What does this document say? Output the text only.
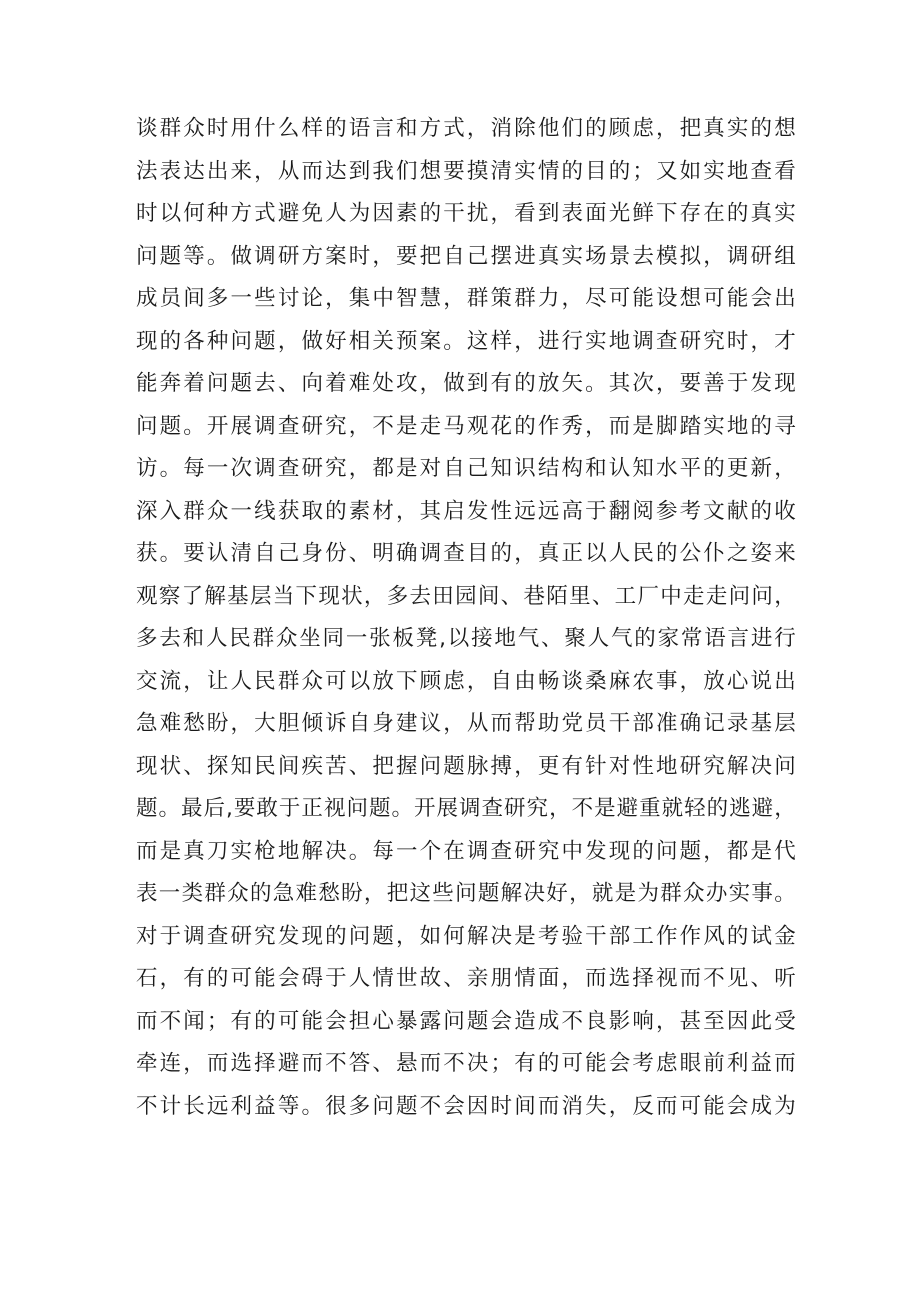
谈群众时用什么样的语言和方式，消除他们的顾虑，把真实的想
法表达出来，从而达到我们想要摸清实情的目的；又如实地查看
时以何种方式避免人为因素的干扰，看到表面光鲜下存在的真实
问题等。做调研方案时，要把自己摆进真实场景去模拟，调研组
成员间多一些讨论，集中智慧，群策群力，尽可能设想可能会出
现的各种问题，做好相关预案。这样，进行实地调查研究时，才
能奔着问题去、向着难处攻，做到有的放矢。其次，要善于发现
问题。开展调查研究，不是走马观花的作秀，而是脚踏实地的寻
访。每一次调查研究，都是对自己知识结构和认知水平的更新，
深入群众一线获取的素材，其启发性远远高于翻阅参考文献的收
获。要认清自己身份、明确调查目的，真正以人民的公仆之姿来
观察了解基层当下现状，多去田园间、巷陌里、工厂中走走问问，
多去和人民群众坐同一张板凳,以接地气、聚人气的家常语言进行
交流，让人民群众可以放下顾虑，自由畅谈桑麻农事，放心说出
急难愁盼，大胆倾诉自身建议，从而帮助党员干部准确记录基层
现状、探知民间疾苦、把握问题脉搏，更有针对性地研究解决问
题。最后,要敢于正视问题。开展调查研究，不是避重就轻的逃避，
而是真刀实枪地解决。每一个在调查研究中发现的问题，都是代
表一类群众的急难愁盼，把这些问题解决好，就是为群众办实事。
对于调查研究发现的问题，如何解决是考验干部工作作风的试金
石，有的可能会碍于人情世故、亲朋情面，而选择视而不见、听
而不闻；有的可能会担心暴露问题会造成不良影响，甚至因此受
牵连，而选择避而不答、悬而不决；有的可能会考虑眼前利益而
不计长远利益等。很多问题不会因时间而消失，反而可能会成为
